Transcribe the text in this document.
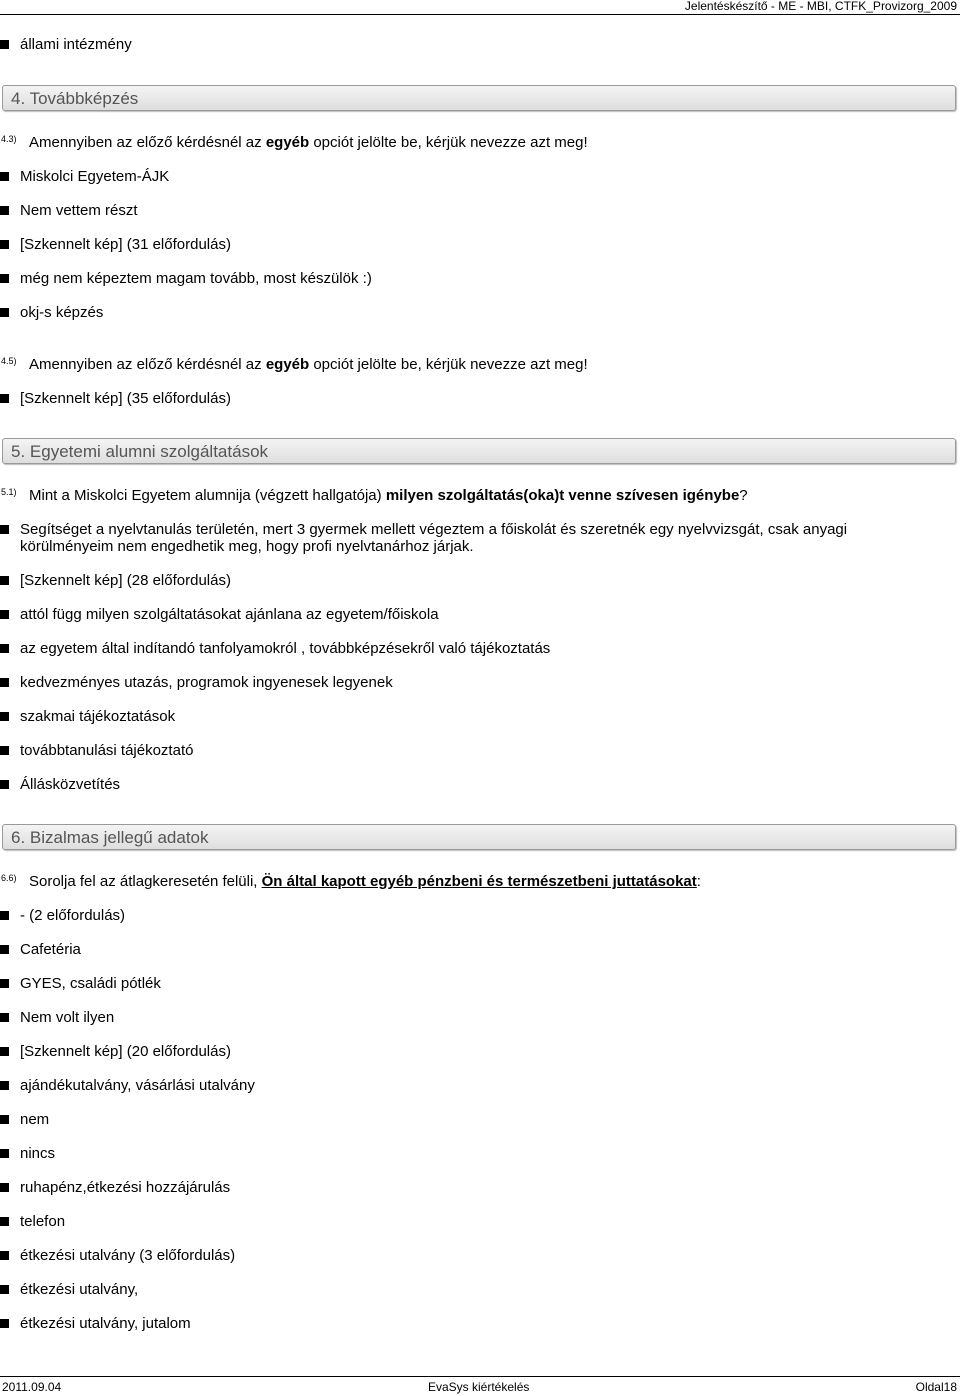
Jelentéskészítő - ME - MBI, CTFK_Provizorg_2009
állami intézmény
4. Továbbképzés
4.3) Amennyiben az előző kérdésnél az egyéb opciót jelölte be, kérjük nevezze azt meg!
Miskolci Egyetem-ÁJK
Nem vettem részt
[Szkennelt kép] (31 előfordulás)
még nem képeztem magam tovább, most készülök :)
okj-s képzés
4.5) Amennyiben az előző kérdésnél az egyéb opciót jelölte be, kérjük nevezze azt meg!
[Szkennelt kép] (35 előfordulás)
5. Egyetemi alumni szolgáltatások
5.1) Mint a Miskolci Egyetem alumnija (végzett hallgatója) milyen szolgáltatás(oka)t venne szívesen igénybe?
Segítséget a nyelvtanulás területén, mert 3 gyermek mellett végeztem a főiskolát és szeretnék egy nyelvvizsgát, csak anyagi körülményeim nem engedhetik meg, hogy profi nyelvtanárhoz járjak.
[Szkennelt kép] (28 előfordulás)
attól függ milyen szolgáltatásokat ajánlana az egyetem/főiskola
az egyetem által indítandó tanfolyamokról , továbbképzésekről való tájékoztatás
kedvezményes utazás, programok ingyenesek legyenek
szakmai tájékoztatások
továbbtanulási tájékoztató
Állásközvetítés
6. Bizalmas jellegű adatok
6.6) Sorolja fel az átlagkeresetén felüli, Ön által kapott egyéb pénzbeni és természetbeni juttatásokat:
- (2 előfordulás)
Cafetéria
GYES, családi pótlék
Nem volt ilyen
[Szkennelt kép] (20 előfordulás)
ajándékutalvány, vásárlási utalvány
nem
nincs
ruhapénz,étkezési hozzájárulás
telefon
étkezési utalvány (3 előfordulás)
étkezési utalvány,
étkezési utalvány, jutalom
2011.09.04	EvaSys kiértékelés	Oldal18
